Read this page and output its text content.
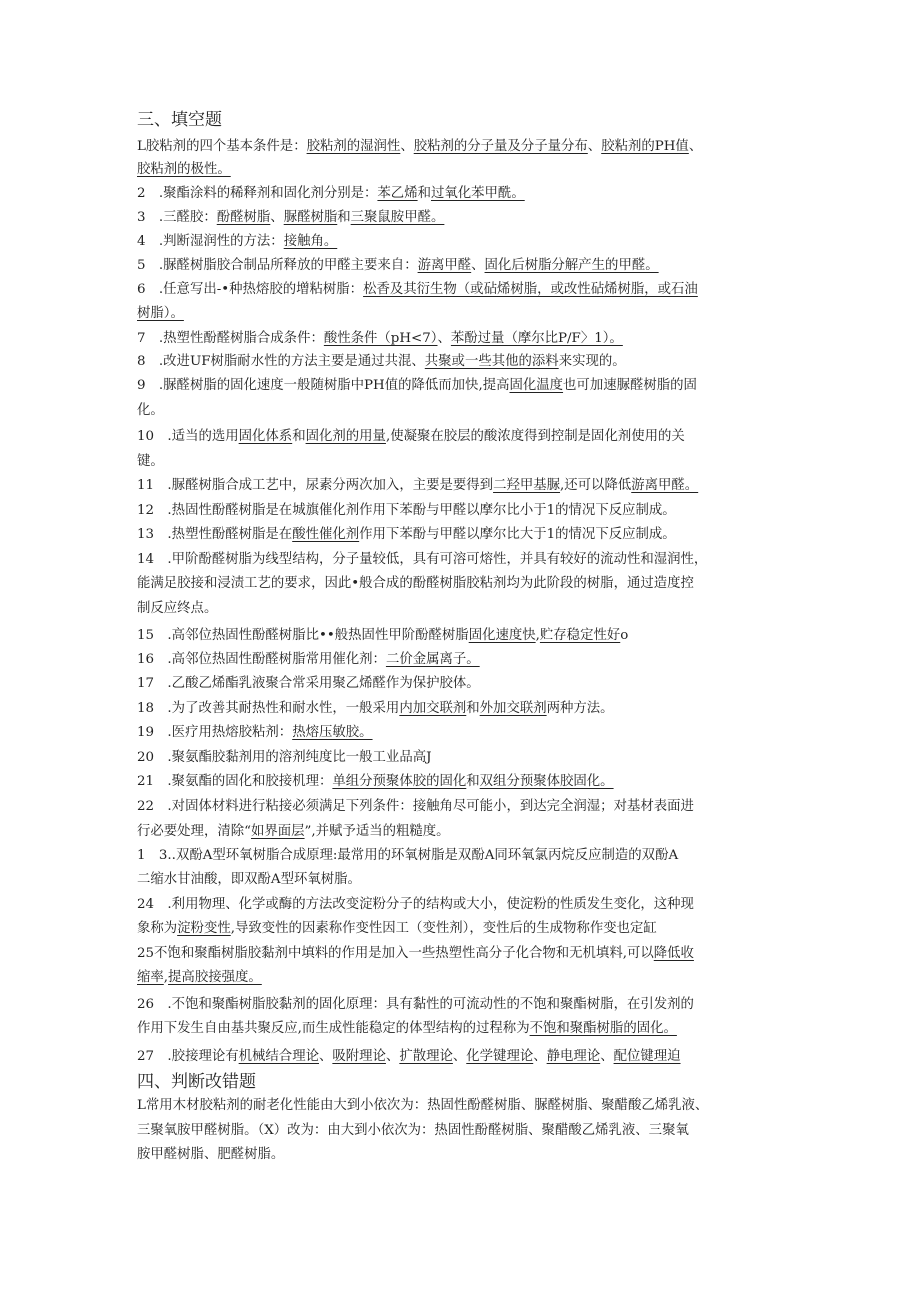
三、填空题
L胶粘剂的四个基本条件是：胶粘剂的湿润性、胶粘剂的分子量及分子量分布、胶粘剂的PH值、
胶粘剂的极性。
2　.聚酯涂料的稀释剂和固化剂分别是：苯乙烯和过氧化苯甲酰。
3　.三醛胶：酚醛树脂、脲醛树脂和三聚鼠胺甲醛。
4　.判断湿润性的方法：接触角。
5　.脲醛树脂胶合制品所释放的甲醛主要来自：游离甲醛、固化后树脂分解产生的甲醛。
6　.任意写出-•种热熔胶的增粘树脂：松香及其衍生物（或砧烯树脂，或改性砧烯树脂，或石油
树脂）。
7　.热塑性酚醛树脂合成条件：酸性条件（pH<7）、苯酚过量（摩尔比P/F〉1）。
8　.改进UF树脂耐水性的方法主要是通过共混、共聚或一些其他的添料来实现的。
9　.脲醛树脂的固化速度一般随树脂中PH值的降低而加快,提高固化温度也可加速脲醛树脂的固
化。
10　.适当的选用固化体系和固化剂的用量,使凝聚在胶层的酸浓度得到控制是固化剂使用的关
键。
11　.脲醛树脂合成工艺中，尿素分两次加入，主要是要得到二羟甲基脲,还可以降低游离甲醛。
12　.热固性酚醛树脂是在城旗催化剂作用下苯酚与甲醛以摩尔比小于1的情况下反应制成。
13　.热塑性酚醛树脂是在酸性催化剂作用下苯酚与甲醛以摩尔比大于1的情况下反应制成。
14　.甲阶酚醛树脂为线型结构，分子量较低，具有可溶可熔性，并具有较好的流动性和湿润性，
能满足胶接和浸渍工艺的要求，因此•般合成的酚醛树脂胶粘剂均为此阶段的树脂，通过造度控
制反应终点。
15　.高邻位热固性酚醛树脂比••般热固性甲阶酚醛树脂固化速度快,贮存稳定性好o
16　.高邻位热固性酚醛树脂常用催化剂：二价金属离子。
17　.乙酸乙烯酯乳液聚合常采用聚乙烯醛作为保护胶体。
18　.为了改善其耐热性和耐水性，一般采用内加交联剂和外加交联剂两种方法。
19　.医疗用热熔胶粘剂：热熔压敏胶。
20　.聚氨酯胶黏剂用的溶剂纯度比一般工业品高J
21　.聚氨酯的固化和胶接机理：单组分预聚体胶的固化和双组分预聚体胶固化。
22　.对固体材料进行粘接必须满足下列条件：接触角尽可能小，到达完全润湿；对基材表面进
行必要处理，清除“如界面层”,并赋予适当的粗糙度。
1　3..双酚A型环氧树脂合成原理:最常用的环氧树脂是双酚A同环氧氯丙烷反应制造的双酚A
二缩水甘油酸，即双酚A型环氧树脂。
24　.利用物理、化学或酶的方法改变淀粉分子的结构或大小，使淀粉的性质发生变化，这种现
象称为淀粉变性,导致变性的因素称作变性因工（变性剂），变性后的生成物称作变也定缸
25不饱和聚酯树脂胶黏剂中填料的作用是加入一些热塑性高分子化合物和无机填料,可以降低收
缩率,提高胶接强度。
26　.不饱和聚酯树脂胶黏剂的固化原理：具有黏性的可流动性的不饱和聚酯树脂，在引发剂的
作用下发生自由基共聚反应,而生成性能稳定的体型结构的过程称为不饱和聚酯树脂的固化。
27　.胶接理论有机械结合理论、吸附理论、扩散理论、化学键理论、静电理论、配位键理迫
四、判断改错题
L常用木材胶粘剂的耐老化性能由大到小依次为：热固性酚醛树脂、脲醛树脂、聚醋酸乙烯乳液、
三聚氧胺甲醛树脂。（X）改为：由大到小依次为：热固性酚醛树脂、聚醋酸乙烯乳液、三聚氧
胺甲醛树脂、肥醛树脂。
